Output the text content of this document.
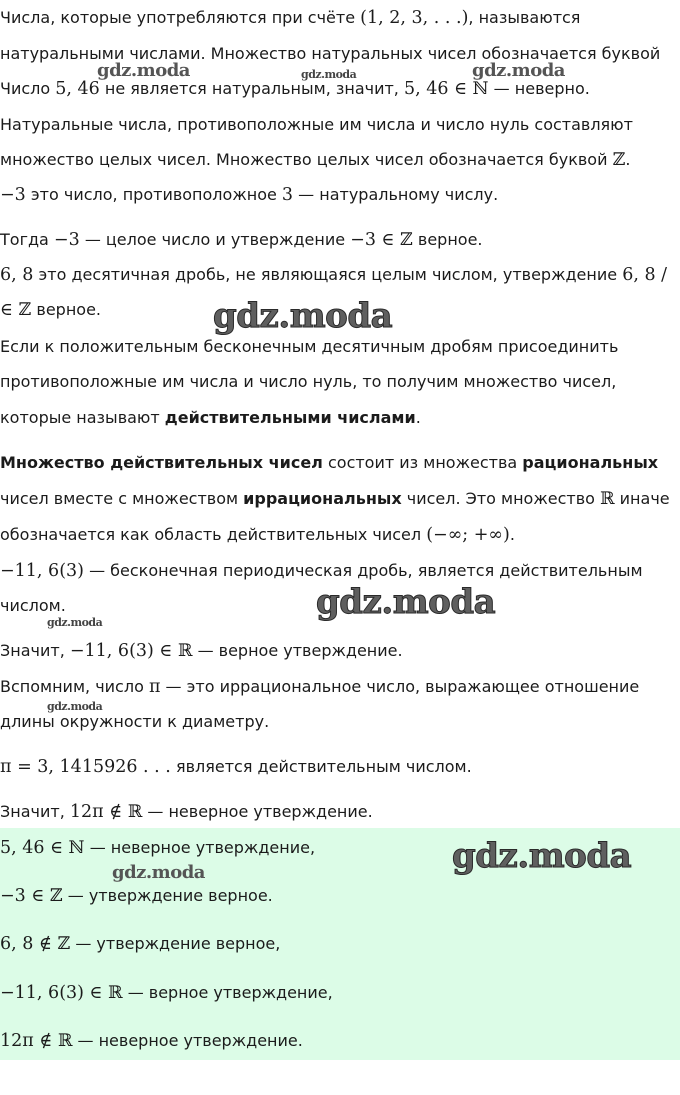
Числа, которые употребляются при счёте (1, 2, 3, . . .), называются
натуральными числами. Множество натуральных чисел обозначается буквой
Число 5, 46 не является натуральным, значит, 5, 46 ∈ ℕ — неверно.
Натуральные числа, противоположные им числа и число нуль составляют
множество целых чисел. Множество целых чисел обозначается буквой ℤ.
−3 это число, противоположное 3 — натуральному числу.
Тогда −3 — целое число и утверждение −3 ∈ ℤ верное.
6, 8 это десятичная дробь, не являющаяся целым числом, утверждение 6, 8 /
∈ ℤ верное.
Если к положительным бесконечным десятичным дробям присоединить
противоположные им числа и число нуль, то получим множество чисел,
которые называют действительными числами.
Множество действительных чисел состоит из множества рациональных
чисел вместе с множеством иррациональных чисел. Это множество ℝ иначе
обозначается как область действительных чисел (−∞; +∞).
−11, 6(3) — бесконечная периодическая дробь, является действительным
числом.
Значит, −11, 6(3) ∈ ℝ — верное утверждение.
Вспомним, число π — это иррациональное число, выражающее отношение
длины окружности к диаметру.
π = 3, 1415926 . . . является действительным числом.
Значит, 12π ∉ ℝ — неверное утверждение.
5, 46 ∈ ℕ — неверное утверждение,
−3 ∈ ℤ — утверждение верное.
6, 8 ∉ ℤ — утверждение верное,
−11, 6(3) ∈ ℝ — верное утверждение,
12π ∉ ℝ — неверное утверждение.
gdz.moda	gdz.moda	gdz.moda
gdz.moda
gdz.moda
gdz.moda
gdz.moda
gdz.moda
gdz.moda
